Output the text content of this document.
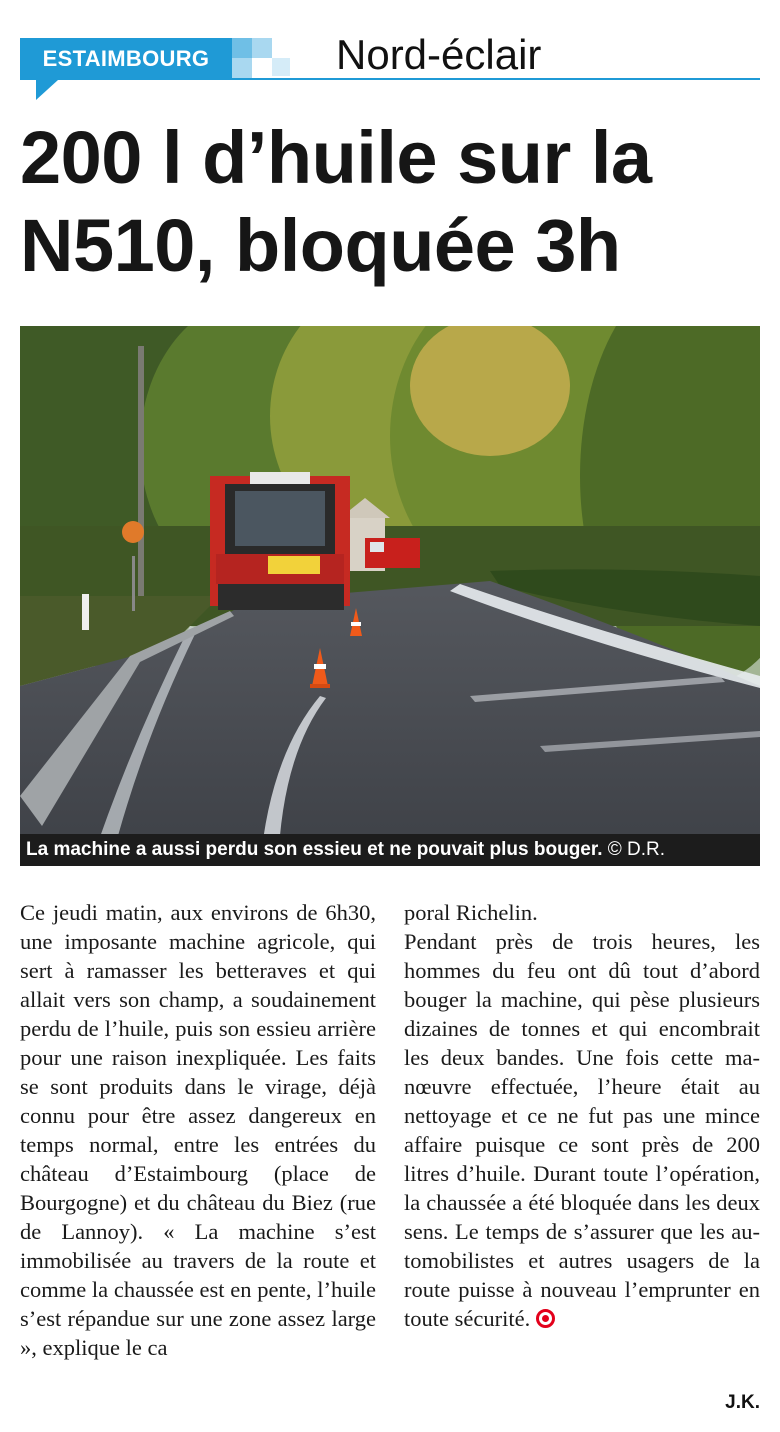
ESTAIMBOURG	Nord-éclair
200 l d’huile sur la N510, bloquée 3h
La machine a aussi perdu son essieu et ne pouvait plus bouger. © D.R.

Ce jeudi matin, aux environs de 6h30, une imposante machine agricole, qui sert à ramasser les betteraves et qui allait vers son champ, a soudainement perdu de l’huile, puis son essieu arrière pour une raison inexpliquée. Les faits se sont produits dans le virage, déjà connu pour être assez dangereux en temps normal, entre les entrées du château d’Estaimbourg (place de Bourgogne) et du château du Biez (rue de Lannoy). « La machine s’est immobilisée au travers de la route et comme la chaussée est en pente, l’huile s’est répandue sur une zone assez large », explique le ca

poral Richelin.
Pendant près de trois heures, les hommes du feu ont dû tout d’abord bouger la machine, qui pèse plusieurs dizaines de tonnes et qui encombrait les deux bandes. Une fois cette manœuvre effectuée, l’heure était au nettoyage et ce ne fut pas une mince affaire puisque ce sont près de 200 litres d’huile. Durant toute l’opération, la chaussée a été bloquée dans les deux sens. Le temps de s’assurer que les automobilistes et autres usagers de la route puisse à nouveau l’emprunter en toute sécurité.

J.K.
